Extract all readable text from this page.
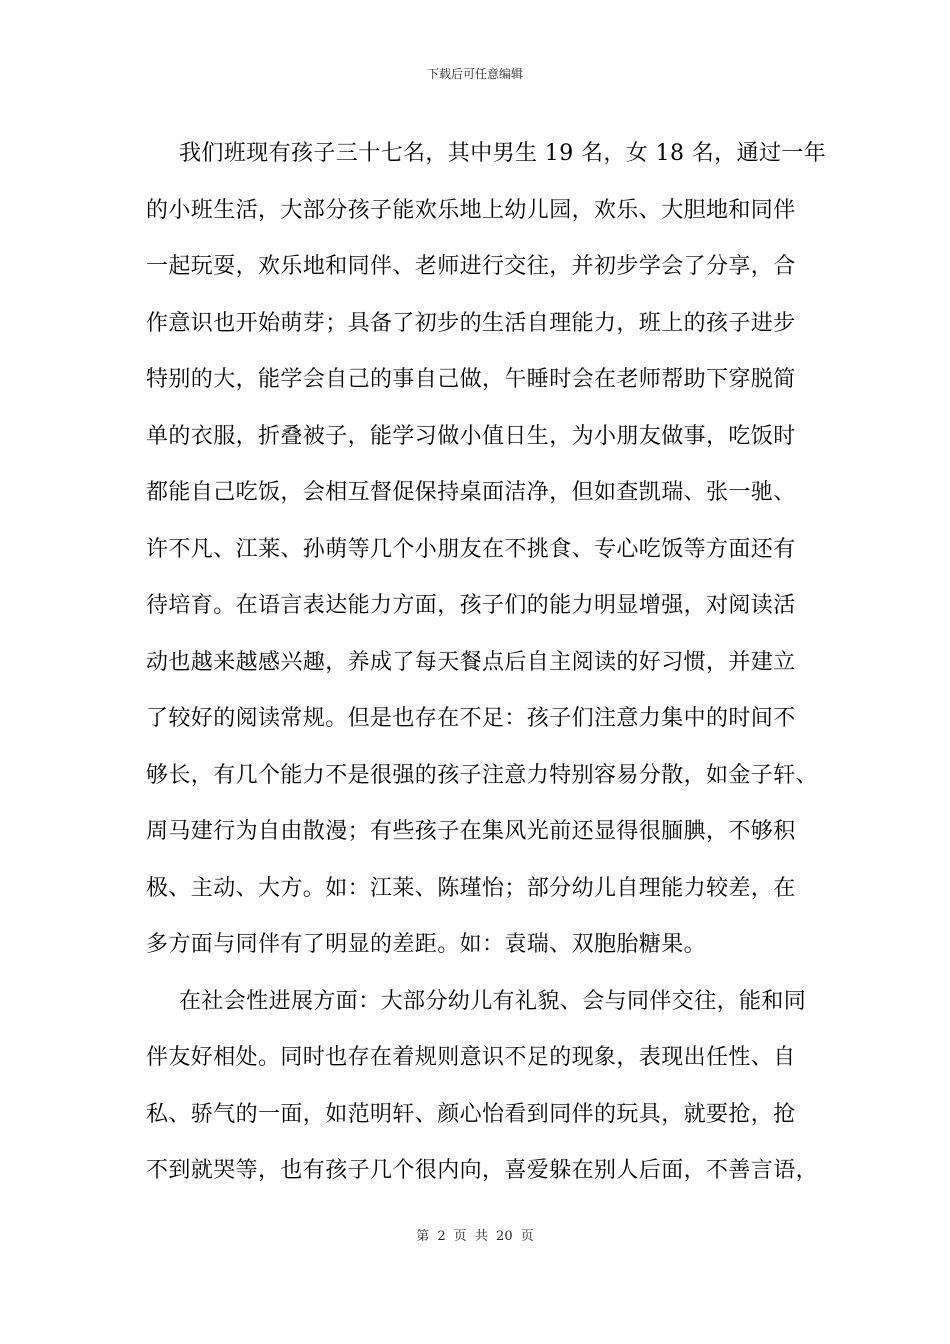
下载后可任意编辑
我们班现有孩子三十七名，其中男生 19 名，女 18 名，通过一年
的小班生活，大部分孩子能欢乐地上幼儿园，欢乐、大胆地和同伴
一起玩耍，欢乐地和同伴、老师进行交往，并初步学会了分享，合
作意识也开始萌芽；具备了初步的生活自理能力，班上的孩子进步
特别的大，能学会自己的事自己做，午睡时会在老师帮助下穿脱简
单的衣服，折叠被子，能学习做小值日生，为小朋友做事，吃饭时
都能自己吃饭，会相互督促保持桌面洁净，但如查凯瑞、张一驰、
许不凡、江莱、孙萌等几个小朋友在不挑食、专心吃饭等方面还有
待培育。在语言表达能力方面，孩子们的能力明显增强，对阅读活
动也越来越感兴趣，养成了每天餐点后自主阅读的好习惯，并建立
了较好的阅读常规。但是也存在不足：孩子们注意力集中的时间不
够长，有几个能力不是很强的孩子注意力特别容易分散，如金子轩、
周马建行为自由散漫；有些孩子在集风光前还显得很腼腆，不够积
极、主动、大方。如：江莱、陈瑾怡；部分幼儿自理能力较差，在
多方面与同伴有了明显的差距。如：袁瑞、双胞胎糖果。
在社会性进展方面：大部分幼儿有礼貌、会与同伴交往，能和同
伴友好相处。同时也存在着规则意识不足的现象，表现出任性、自
私、骄气的一面，如范明轩、颜心怡看到同伴的玩具，就要抢，抢
不到就哭等，也有孩子几个很内向，喜爱躲在别人后面，不善言语，
第 2 页 共 20 页
